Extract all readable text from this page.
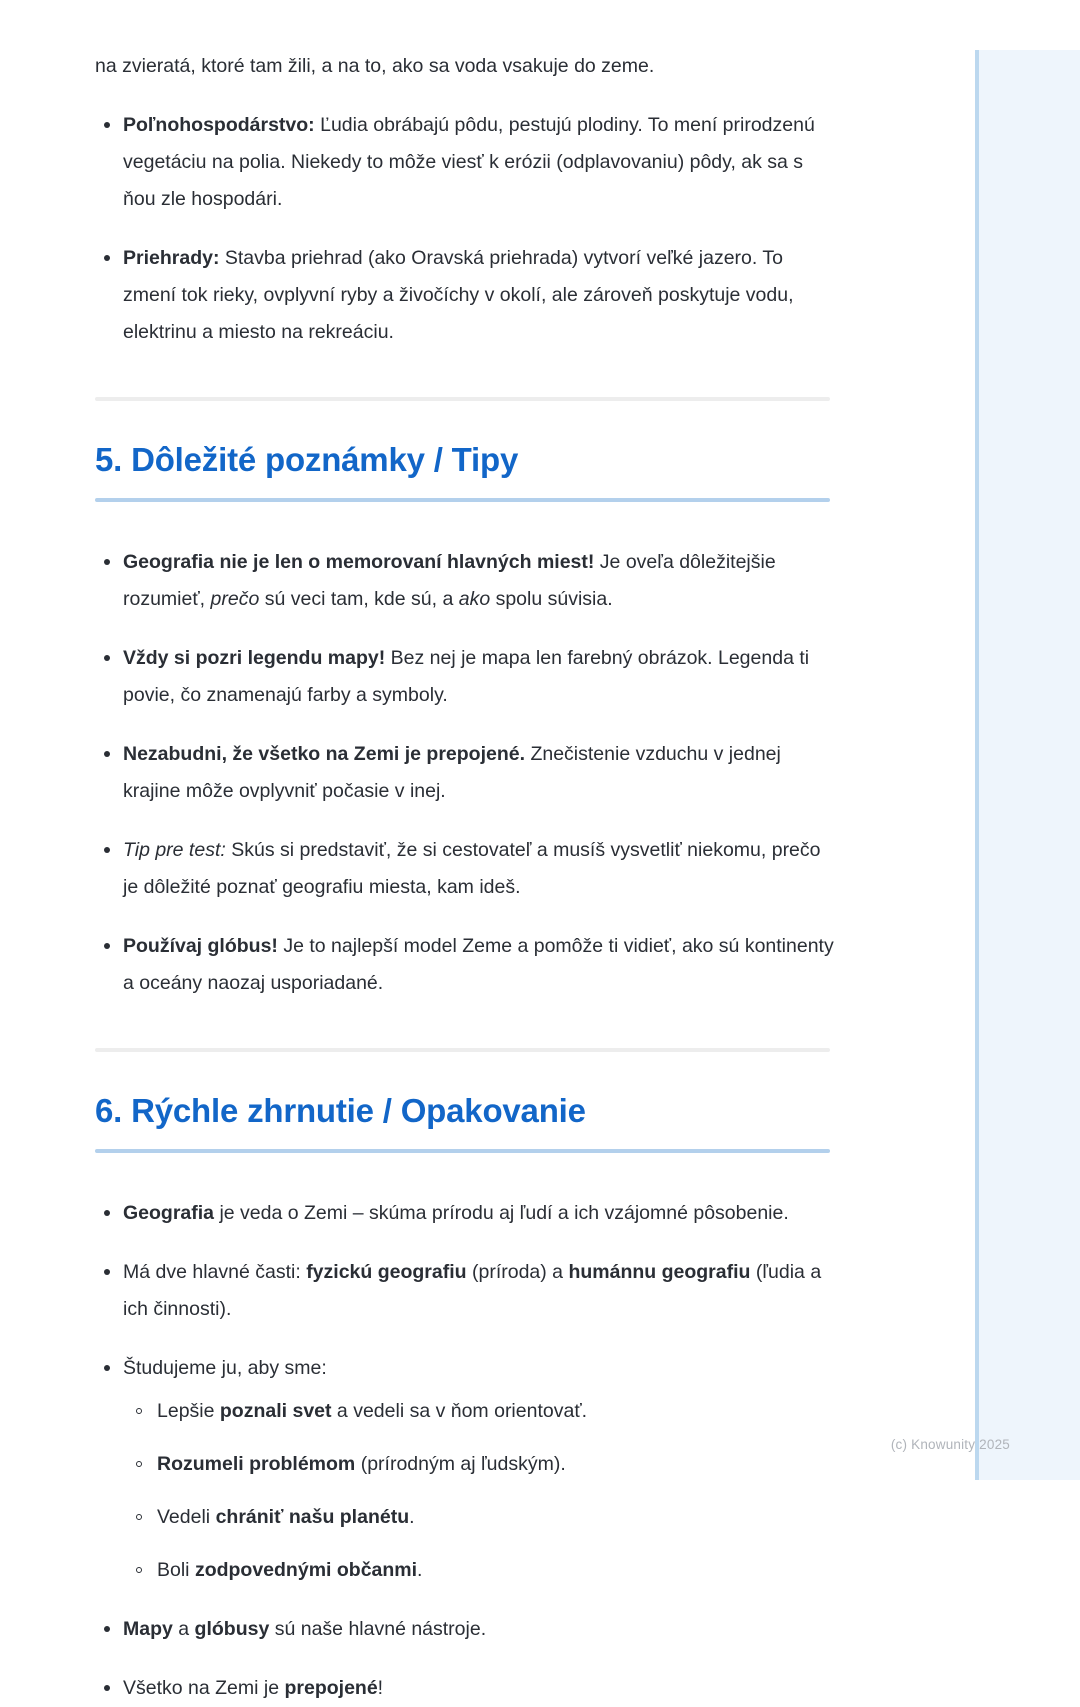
na zvieratá, ktoré tam žili, a na to, ako sa voda vsakuje do zeme.

Poľnohospodárstvo: Ľudia obrábajú pôdu, pestujú plodiny. To mení prirodzenú vegetáciu na polia. Niekedy to môže viesť k erózii (odplavovaniu) pôdy, ak sa s ňou zle hospodári.
Priehrady: Stavba priehrad (ako Oravská priehrada) vytvorí veľké jazero. To zmení tok rieky, ovplyvní ryby a živočíchy v okolí, ale zároveň poskytuje vodu, elektrinu a miesto na rekreáciu.
5. Dôležité poznámky / Tipy
Geografia nie je len o memorovaní hlavných miest! Je oveľa dôležitejšie rozumieť, prečo sú veci tam, kde sú, a ako spolu súvisia.
Vždy si pozri legendu mapy! Bez nej je mapa len farebný obrázok. Legenda ti povie, čo znamenajú farby a symboly.
Nezabudni, že všetko na Zemi je prepojené. Znečistenie vzduchu v jednej krajine môže ovplyvniť počasie v inej.
Tip pre test: Skús si predstaviť, že si cestovateľ a musíš vysvetliť niekomu, prečo je dôležité poznať geografiu miesta, kam ideš.
Používaj glóbus! Je to najlepší model Zeme a pomôže ti vidieť, ako sú kontinenty a oceány naozaj usporiadané.
6. Rýchle zhrnutie / Opakovanie
Geografia je veda o Zemi – skúma prírodu aj ľudí a ich vzájomné pôsobenie.
Má dve hlavné časti: fyzickú geografiu (príroda) a humánnu geografiu (ľudia a ich činnosti).
Študujeme ju, aby sme:
Lepšie poznali svet a vedeli sa v ňom orientovať.
Rozumeli problémom (prírodným aj ľudským).
Vedeli chrániť našu planétu.
Boli zodpovednými občanmi.
Mapy a glóbusy sú naše hlavné nástroje.
Všetko na Zemi je prepojené!
(c) Knowunity 2025
